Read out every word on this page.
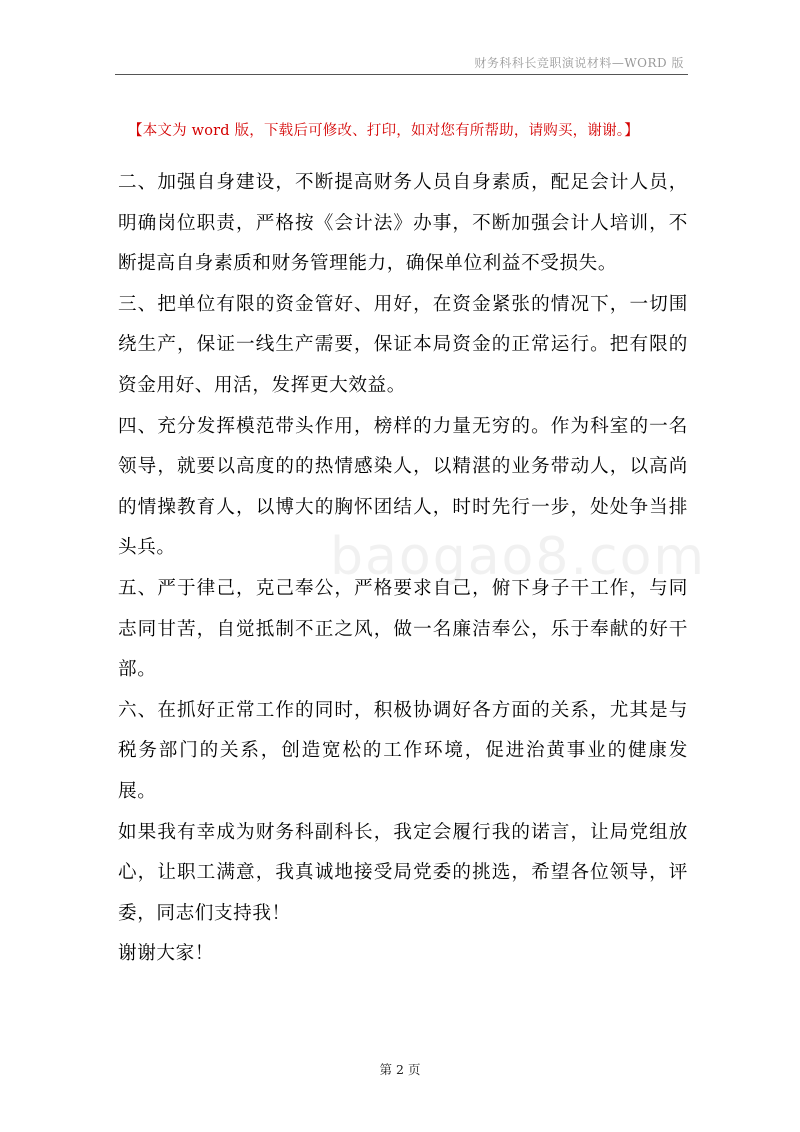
财务科科长竞职演说材料—WORD 版
【本文为 word 版，下载后可修改、打印，如对您有所帮助，请购买，谢谢。】

二、加强自身建设，不断提高财务人员自身素质，配足会计人员，明确岗位职责，严格按《会计法》办事，不断加强会计人培训，不断提高自身素质和财务管理能力，确保单位利益不受损失。

三、把单位有限的资金管好、用好，在资金紧张的情况下，一切围绕生产，保证一线生产需要，保证本局资金的正常运行。把有限的资金用好、用活，发挥更大效益。

四、充分发挥模范带头作用，榜样的力量无穷的。作为科室的一名领导，就要以高度的的热情感染人，以精湛的业务带动人，以高尚的情操教育人，以博大的胸怀团结人，时时先行一步，处处争当排头兵。

五、严于律己，克己奉公，严格要求自己，俯下身子干工作，与同志同甘苦，自觉抵制不正之风，做一名廉洁奉公，乐于奉献的好干部。

六、在抓好正常工作的同时，积极协调好各方面的关系，尤其是与税务部门的关系，创造宽松的工作环境，促进治黄事业的健康发展。

如果我有幸成为财务科副科长，我定会履行我的诺言，让局党组放心，让职工满意，我真诚地接受局党委的挑选，希望各位领导，评委，同志们支持我！

谢谢大家！

baogao8.com
第 2 页
